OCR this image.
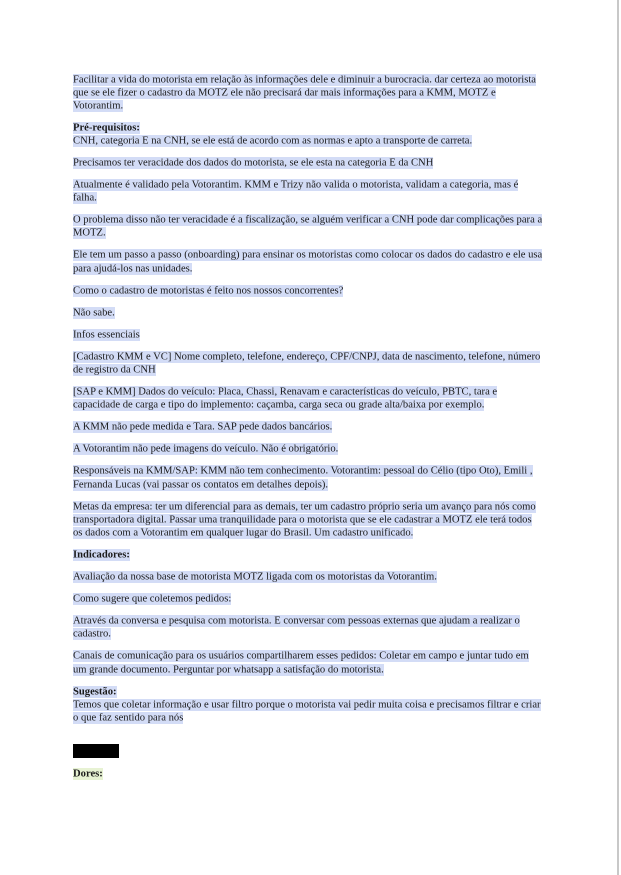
Facilitar a vida do motorista em relação às informações dele e diminuir a burocracia. dar certeza ao motorista que se ele fizer o cadastro da MOTZ ele não precisará dar mais informações para a KMM, MOTZ e Votorantim.

Pré-requisitos:
CNH, categoria E na CNH, se ele está de acordo com as normas e apto a transporte de carreta.

Precisamos ter veracidade dos dados do motorista, se ele esta na categoria E da CNH

Atualmente é validado pela Votorantim. KMM e Trizy não valida o motorista, validam a categoria, mas é falha.

O problema disso não ter veracidade é a fiscalização, se alguém verificar a CNH pode dar complicações para a MOTZ.

Ele tem um passo a passo (onboarding) para ensinar os motoristas como colocar os dados do cadastro e ele usa para ajudá-los nas unidades.

Como o cadastro de motoristas é feito nos nossos concorrentes?

Não sabe.

Infos essenciais

[Cadastro KMM e VC] Nome completo, telefone, endereço, CPF/CNPJ, data de nascimento, telefone, número de registro da CNH

[SAP e KMM] Dados do veículo: Placa, Chassi, Renavam e características do veículo, PBTC, tara e capacidade de carga e tipo do implemento: caçamba, carga seca ou grade alta/baixa por exemplo.

A KMM não pede medida e Tara. SAP pede dados bancários.

A Votorantim não pede imagens do veículo. Não é obrigatório.

Responsáveis na KMM/SAP: KMM não tem conhecimento. Votorantim: pessoal do Célio (tipo Oto), Emili , Fernanda Lucas (vai passar os contatos em detalhes depois).

Metas da empresa: ter um diferencial para as demais, ter um cadastro próprio seria um avanço para nós como transportadora digital. Passar uma tranquilidade para o motorista que se ele cadastrar a MOTZ ele terá todos os dados com a Votorantim em qualquer lugar do Brasil. Um cadastro unificado.

Indicadores:

Avaliação da nossa base de motorista MOTZ ligada com os motoristas da Votorantim.

Como sugere que coletemos pedidos:

Através da conversa e pesquisa com motorista. E conversar com pessoas externas que ajudam a realizar o cadastro.

Canais de comunicação para os usuários compartilharem esses pedidos: Coletar em campo e juntar tudo em um grande documento. Perguntar por whatsapp a satisfação do motorista.

Sugestão:
Temos que coletar informação e usar filtro porque o motorista vai pedir muita coisa e precisamos filtrar e criar o que faz sentido para nós

Dores:
